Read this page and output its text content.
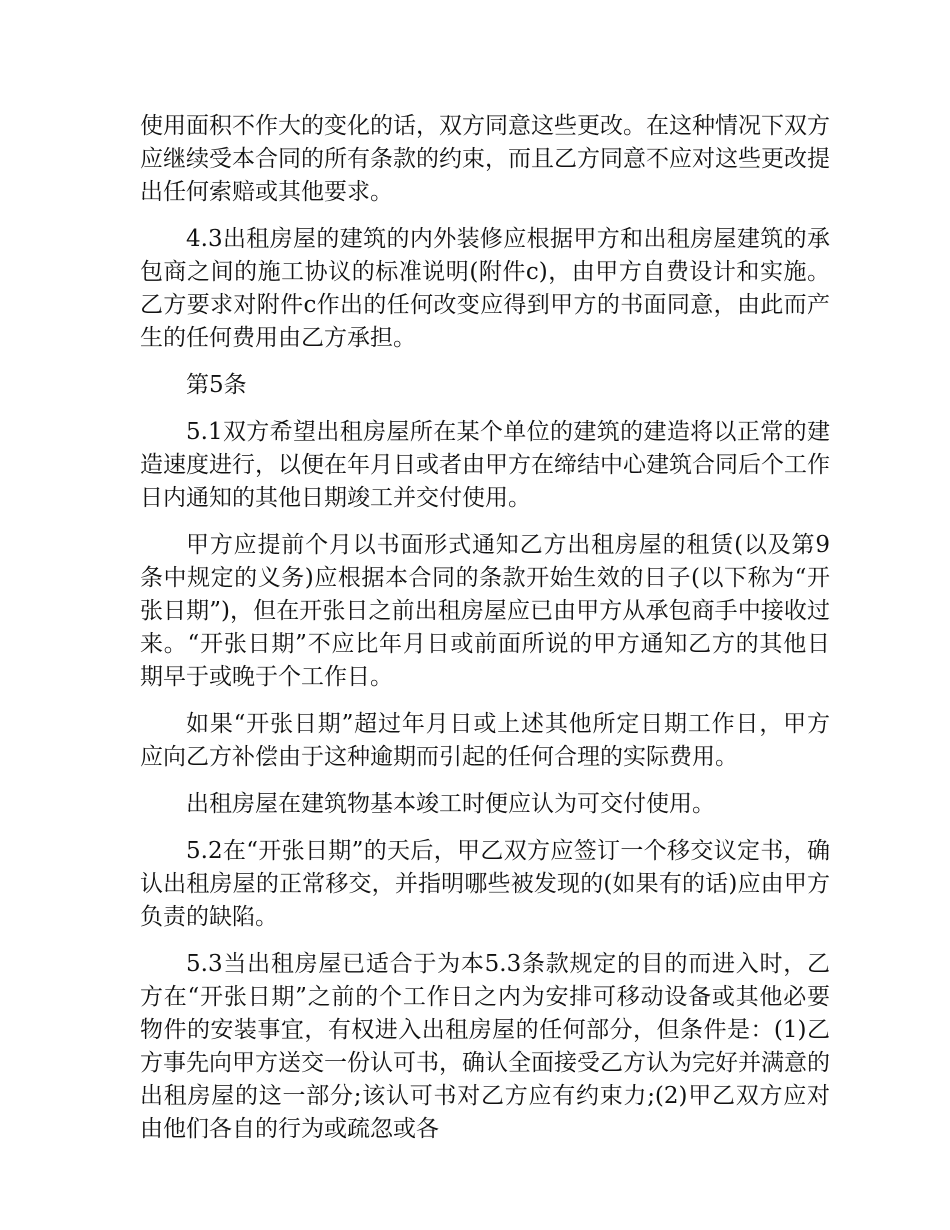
使用面积不作大的变化的话，双方同意这些更改。在这种情况下双方应继续受本合同的所有条款的约束，而且乙方同意不应对这些更改提出任何索赔或其他要求。

4.3出租房屋的建筑的内外装修应根据甲方和出租房屋建筑的承包商之间的施工协议的标准说明(附件c)，由甲方自费设计和实施。乙方要求对附件c作出的任何改变应得到甲方的书面同意，由此而产生的任何费用由乙方承担。

第5条

5.1双方希望出租房屋所在某个单位的建筑的建造将以正常的建造速度进行，以便在年月日或者由甲方在缔结中心建筑合同后个工作日内通知的其他日期竣工并交付使用。

甲方应提前个月以书面形式通知乙方出租房屋的租赁(以及第9条中规定的义务)应根据本合同的条款开始生效的日子(以下称为“开张日期”)，但在开张日之前出租房屋应已由甲方从承包商手中接收过来。“开张日期”不应比年月日或前面所说的甲方通知乙方的其他日期早于或晚于个工作日。

如果“开张日期”超过年月日或上述其他所定日期工作日，甲方应向乙方补偿由于这种逾期而引起的任何合理的实际费用。

出租房屋在建筑物基本竣工时便应认为可交付使用。

5.2在“开张日期”的天后，甲乙双方应签订一个移交议定书，确认出租房屋的正常移交，并指明哪些被发现的(如果有的话)应由甲方负责的缺陷。

5.3当出租房屋已适合于为本5.3条款规定的目的而进入时，乙方在“开张日期”之前的个工作日之内为安排可移动设备或其他必要物件的安装事宜，有权进入出租房屋的任何部分，但条件是：(1)乙方事先向甲方送交一份认可书，确认全面接受乙方认为完好并满意的出租房屋的这一部分;该认可书对乙方应有约束力;(2)甲乙双方应对由他们各自的行为或疏忽或各
